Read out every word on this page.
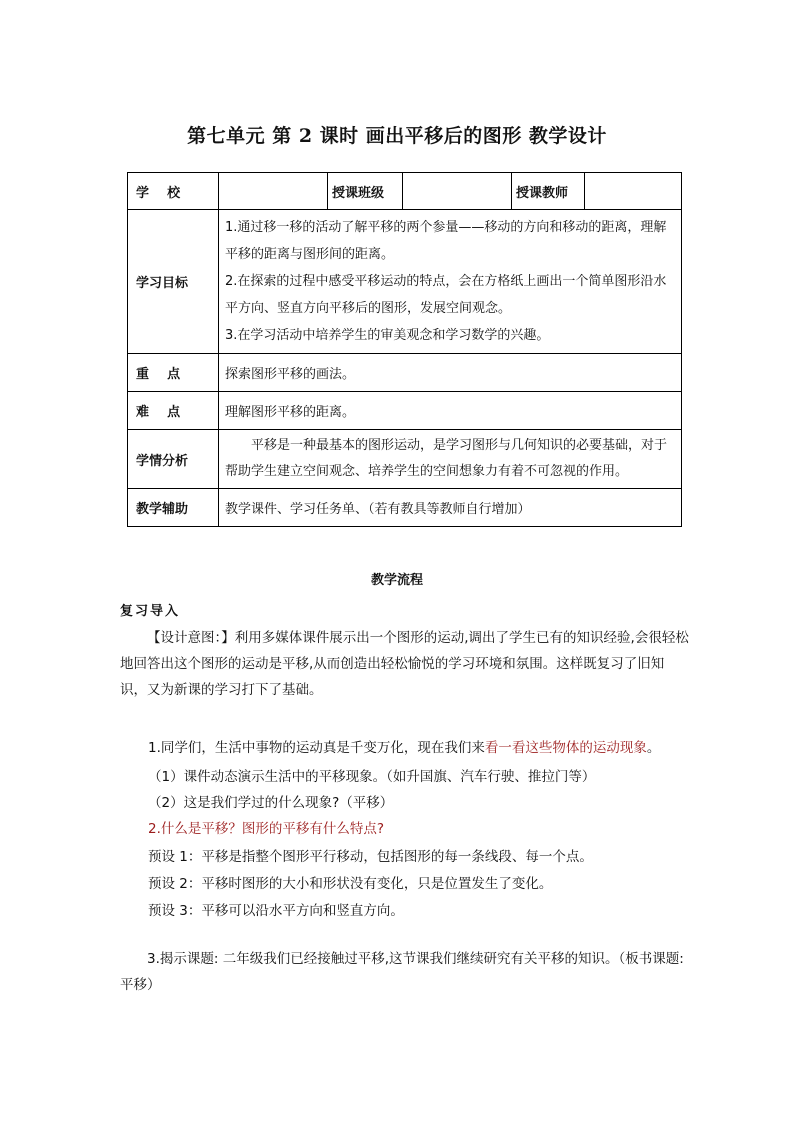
第七单元 第 2 课时 画出平移后的图形 教学设计
学    校		授课班级		授课教师	
学习目标	1.通过移一移的活动了解平移的两个参量——移动的方向和移动的距离，理解平移的距离与图形间的距离。
2.在探索的过程中感受平移运动的特点，会在方格纸上画出一个简单图形沿水平方向、竖直方向平移后的图形，发展空间观念。
3.在学习活动中培养学生的审美观念和学习数学的兴趣。				

重    点	探索图形平移的画法。				
难    点	理解图形平移的距离。				
学情分析	平移是一种最基本的图形运动，是学习图形与几何知识的必要基础，对于帮助学生建立空间观念、培养学生的空间想象力有着不可忽视的作用。				

教学辅助	教学课件、学习任务单、（若有教具等教师自行增加）				
教学流程
复习导入
【设计意图：】利用多媒体课件展示出一个图形的运动,调出了学生已有的知识经验,会很轻松地回答出这个图形的运动是平移,从而创造出轻松愉悦的学习环境和氛围。这样既复习了旧知识，又为新课的学习打下了基础。
1.同学们，生活中事物的运动真是千变万化，现在我们来看一看这些物体的运动现象。
（1）课件动态演示生活中的平移现象。（如升国旗、汽车行驶、推拉门等）
（2）这是我们学过的什么现象?（平移）
2.什么是平移？图形的平移有什么特点?
预设 1：平移是指整个图形平行移动，包括图形的每一条线段、每一个点。
预设 2：平移时图形的大小和形状没有变化，只是位置发生了变化。
预设 3：平移可以沿水平方向和竖直方向。
3.揭示课题: 二年级我们已经接触过平移,这节课我们继续研究有关平移的知识。（板书课题:平移）
